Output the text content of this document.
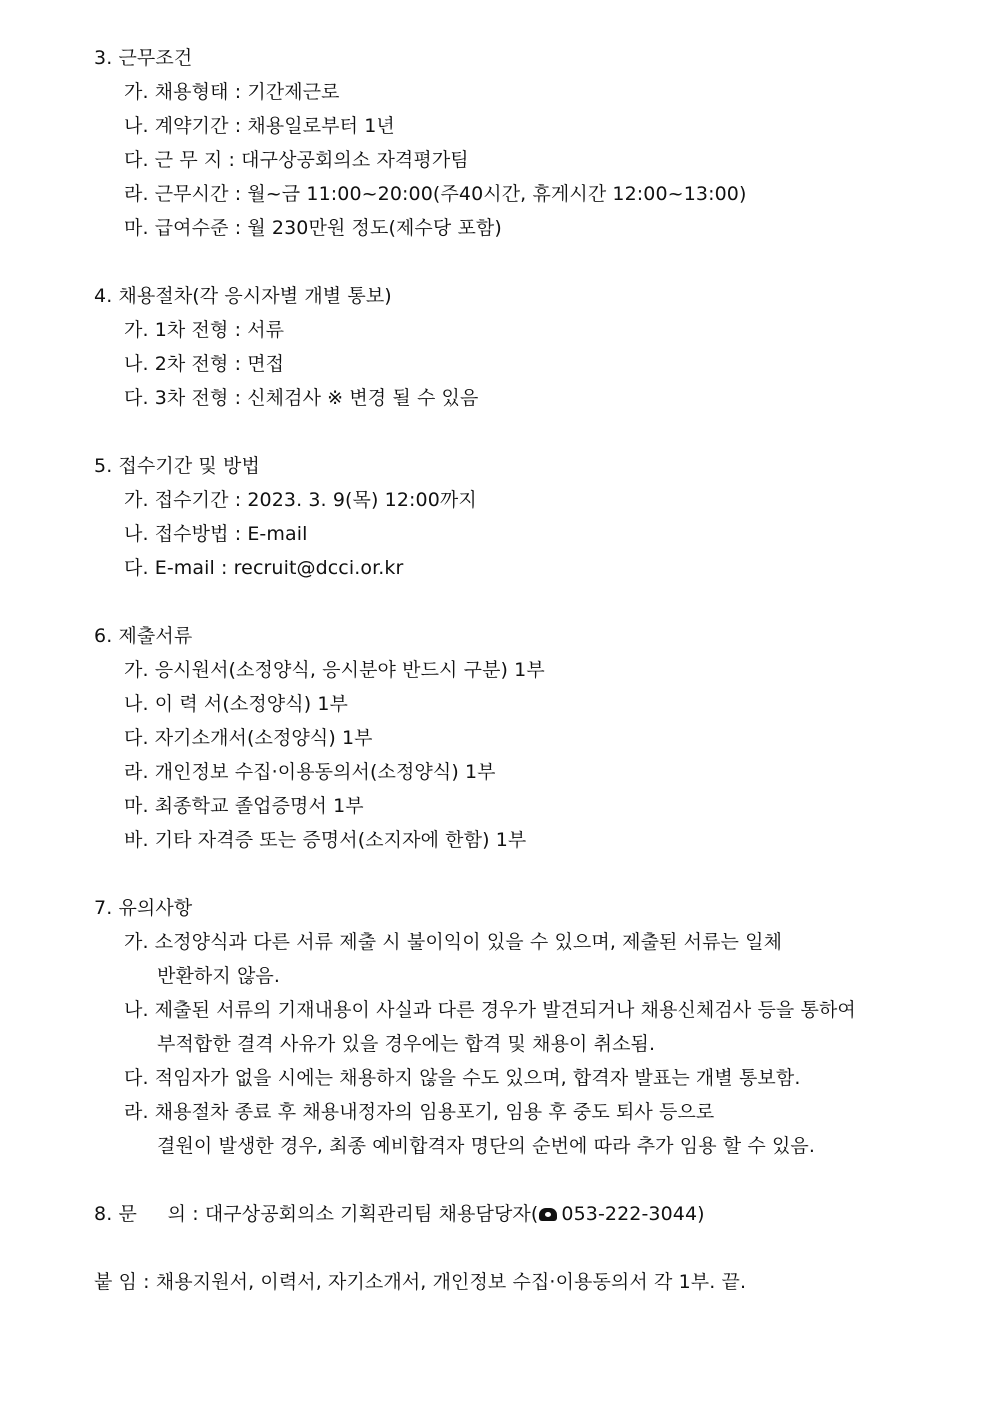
3. 근무조건
가. 채용형태 : 기간제근로
나. 계약기간 : 채용일로부터 1년
다. 근 무 지 : 대구상공회의소 자격평가팀
라. 근무시간 : 월~금 11:00~20:00(주40시간, 휴게시간 12:00~13:00)
마. 급여수준 : 월 230만원 정도(제수당 포함)
4. 채용절차(각 응시자별 개별 통보)
가. 1차 전형 : 서류
나. 2차 전형 : 면접
다. 3차 전형 : 신체검사 ※ 변경 될 수 있음
5. 접수기간 및 방법
가. 접수기간 : 2023. 3. 9(목) 12:00까지
나. 접수방법 : E-mail
다. E-mail : recruit@dcci.or.kr
6. 제출서류
가. 응시원서(소정양식, 응시분야 반드시 구분) 1부
나. 이 력 서(소정양식) 1부
다. 자기소개서(소정양식) 1부
라. 개인정보 수집·이용동의서(소정양식) 1부
마. 최종학교 졸업증명서 1부
바. 기타 자격증 또는 증명서(소지자에 한함) 1부
7. 유의사항
가. 소정양식과 다른 서류 제출 시 불이익이 있을 수 있으며, 제출된 서류는 일체
반환하지 않음.
나. 제출된 서류의 기재내용이 사실과 다른 경우가 발견되거나 채용신체검사 등을 통하여
부적합한 결격 사유가 있을 경우에는 합격 및 채용이 취소됨.
다. 적임자가 없을 시에는 채용하지 않을 수도 있으며, 합격자 발표는 개별 통보함.
라. 채용절차 종료 후 채용내정자의 임용포기, 임용 후 중도 퇴사 등으로
결원이 발생한 경우, 최종 예비합격자 명단의 순번에 따라 추가 임용 할 수 있음.
8. 문     의 : 대구상공회의소 기획관리팀 채용담당자( 053-222-3044)
붙 임 : 채용지원서, 이력서, 자기소개서, 개인정보 수집·이용동의서 각 1부. 끝.
